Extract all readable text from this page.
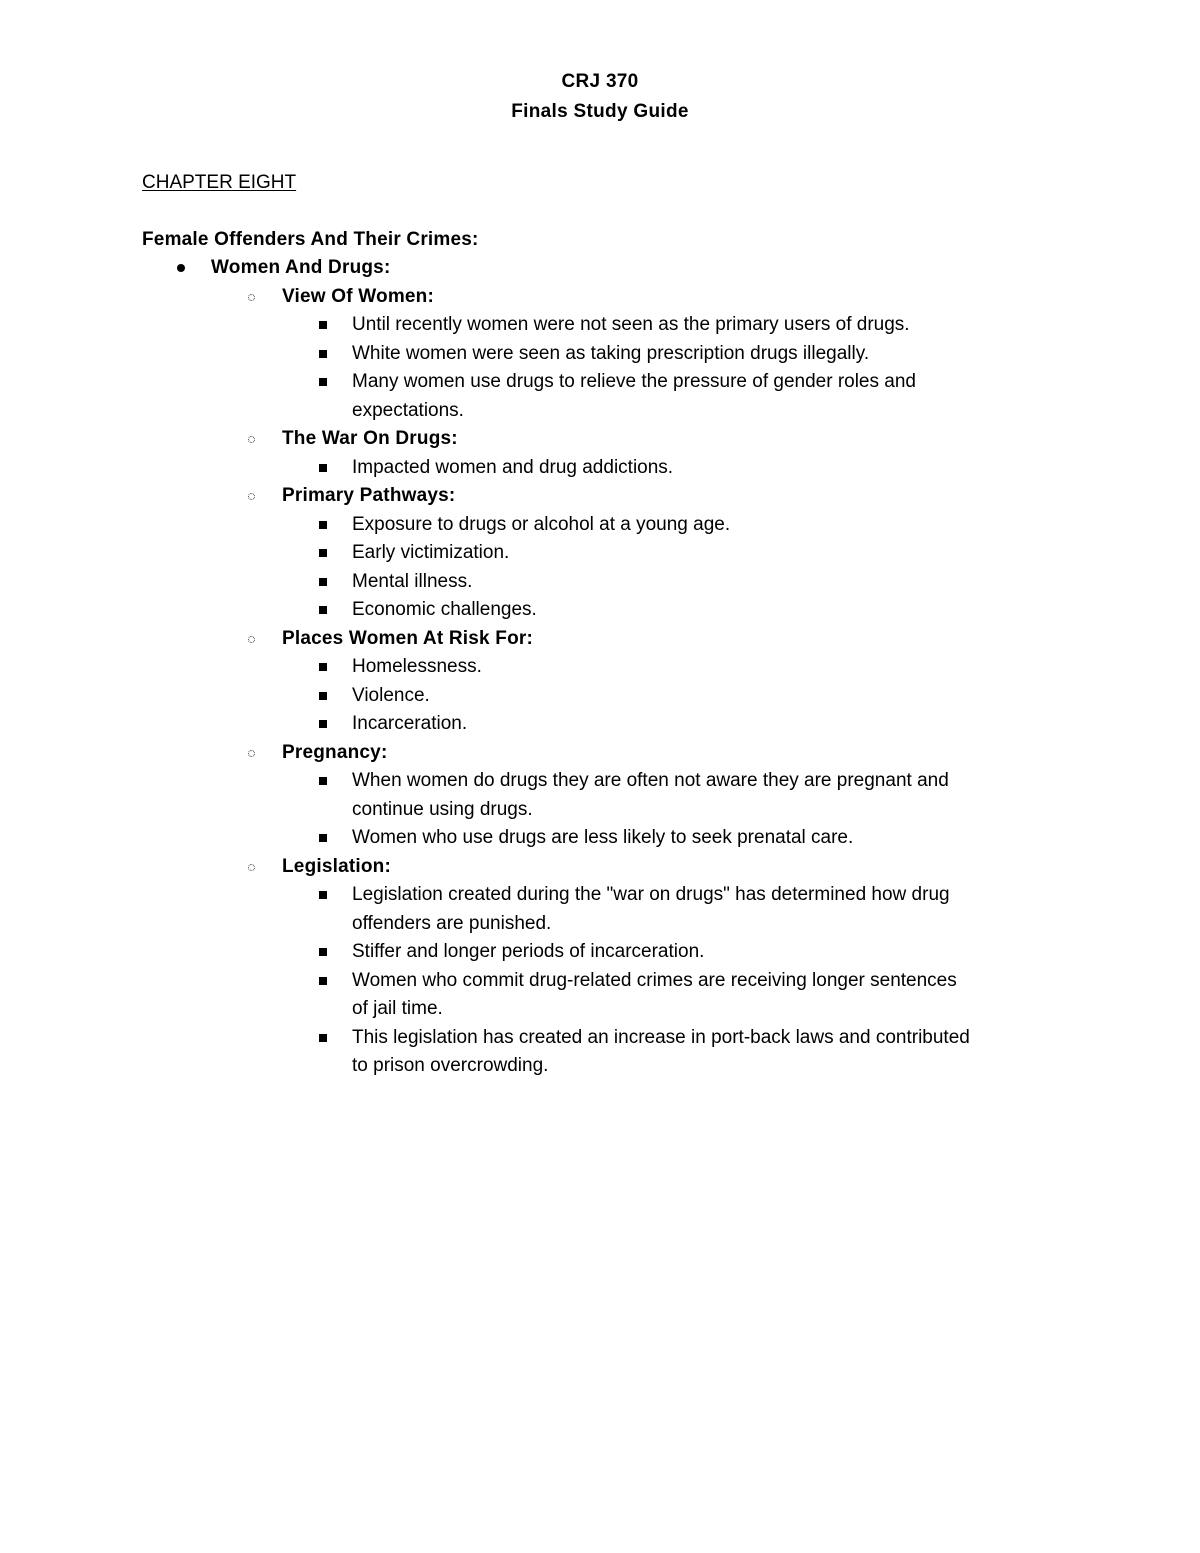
CRJ 370
Finals Study Guide
CHAPTER EIGHT
Female Offenders And Their Crimes:
Women And Drugs:
View Of Women:
Until recently women were not seen as the primary users of drugs.
White women were seen as taking prescription drugs illegally.
Many women use drugs to relieve the pressure of gender roles and
expectations.
The War On Drugs:
Impacted women and drug addictions.
Primary Pathways:
Exposure to drugs or alcohol at a young age.
Early victimization.
Mental illness.
Economic challenges.
Places Women At Risk For:
Homelessness.
Violence.
Incarceration.
Pregnancy:
When women do drugs they are often not aware they are pregnant and
continue using drugs.
Women who use drugs are less likely to seek prenatal care.
Legislation:
Legislation created during the "war on drugs" has determined how drug
offenders are punished.
Stiffer and longer periods of incarceration.
Women who commit drug-related crimes are receiving longer sentences
of jail time.
This legislation has created an increase in port-back laws and contributed
to prison overcrowding.
